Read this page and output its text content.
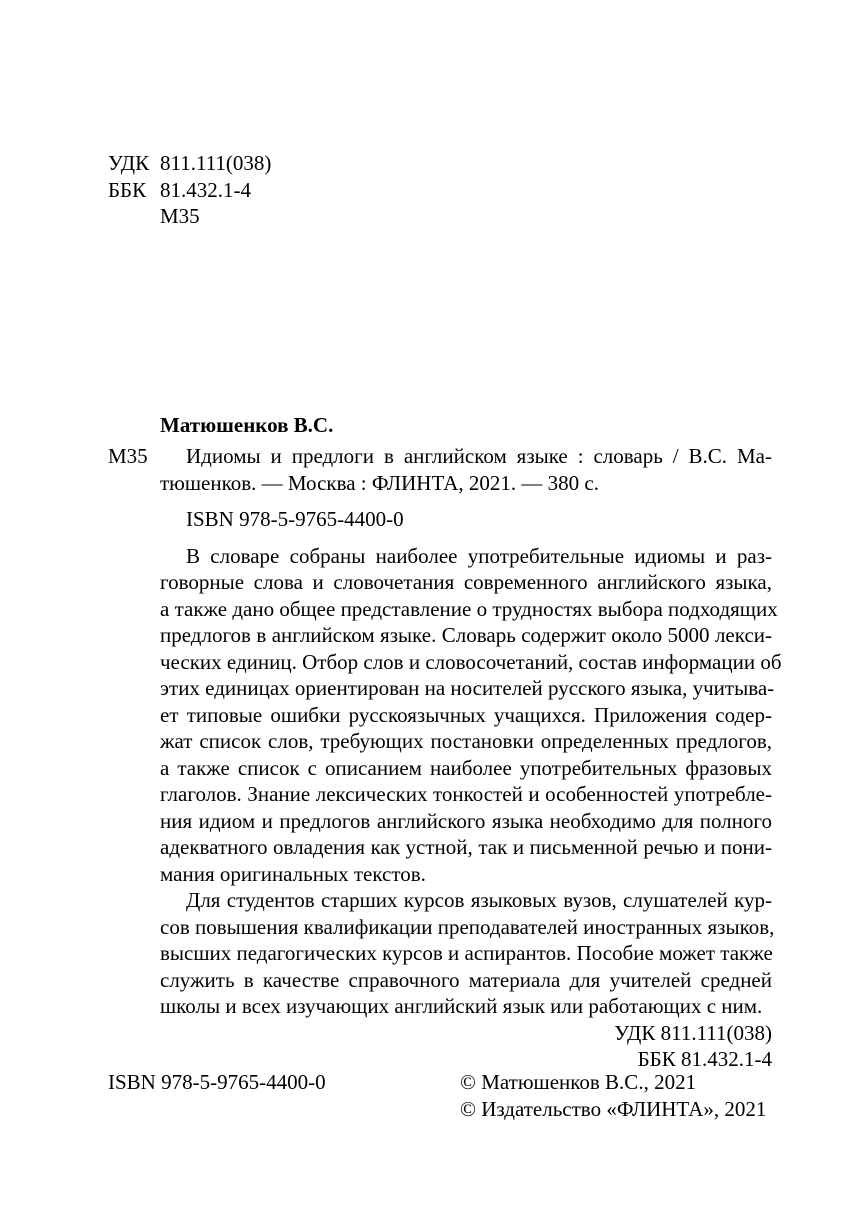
УДК 811.111(038)
ББК 81.432.1-4
М35
Матюшенков В.С.
М35	Идиомы и предлоги в английском языке : словарь / В.С. Ма-
тюшенков. — Москва : ФЛИНТА, 2021. — 380 с.
ISBN 978-5-9765-4400-0
В словаре собраны наиболее употребительные идиомы и раз-
говорные слова и словочетания современного английского языка,
а также дано общее представление о трудностях выбора подходящих
предлогов в английском языке. Словарь содержит около 5000 лекси-
ческих единиц. Отбор слов и словосочетаний, состав информации об
этих единицах ориентирован на носителей русского языка, учитыва-
ет типовые ошибки русскоязычных учащихся. Приложения содер-
жат список слов, требующих постановки определенных предлогов,
а также список с описанием наиболее употребительных фразовых
глаголов. Знание лексических тонкостей и особенностей употребле-
ния идиом и предлогов английского языка необходимо для полного
адекватного овладения как устной, так и письменной речью и пони-
мания оригинальных текстов.
Для студентов старших курсов языковых вузов, слушателей кур-
сов повышения квалификации преподавателей иностранных языков,
высших педагогических курсов и аспирантов. Пособие может также
служить в качестве справочного материала для учителей средней
школы и всех изучающих английский язык или работающих с ним.
УДК 811.111(038)
ББК 81.432.1-4
ISBN 978-5-9765-4400-0	© Матюшенков В.С., 2021
© Издательство «ФЛИНТА», 2021
